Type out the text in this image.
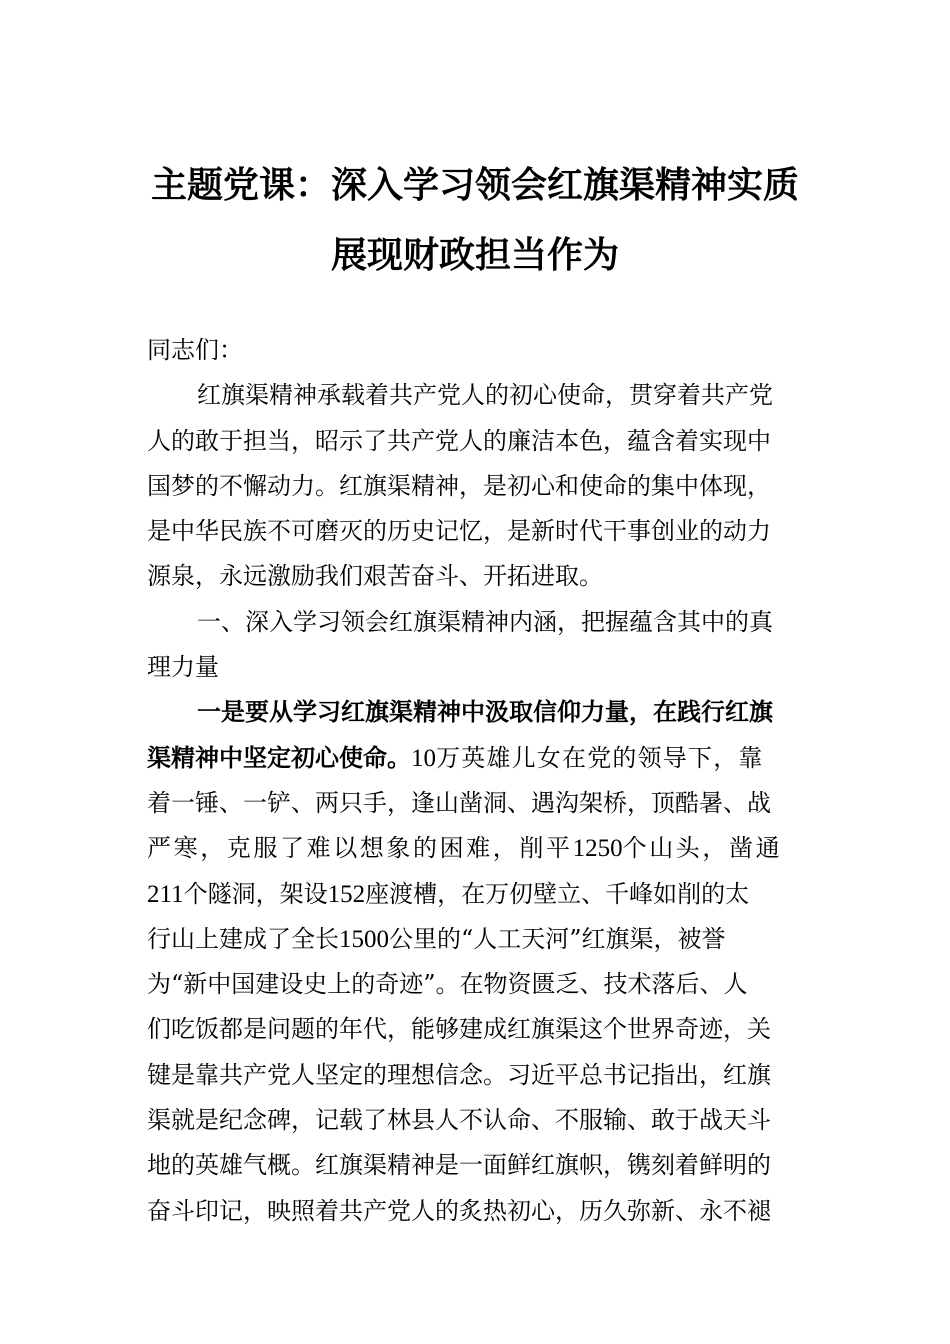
主题党课：深入学习领会红旗渠精神实质
展现财政担当作为
同志们：
红旗渠精神承载着共产党人的初心使命，贯穿着共产党
人的敢于担当，昭示了共产党人的廉洁本色，蕴含着实现中
国梦的不懈动力。红旗渠精神，是初心和使命的集中体现，
是中华民族不可磨灭的历史记忆，是新时代干事创业的动力
源泉，永远激励我们艰苦奋斗、开拓进取。
一、深入学习领会红旗渠精神内涵，把握蕴含其中的真
理力量
一是要从学习红旗渠精神中汲取信仰力量，在践行红旗
渠精神中坚定初心使命。10万英雄儿女在党的领导下，靠
着一锤、一铲、两只手，逢山凿洞、遇沟架桥，顶酷暑、战
严寒，克服了难以想象的困难，削平1250个山头，凿通
211个隧洞，架设152座渡槽，在万仞壁立、千峰如削的太
行山上建成了全长1500公里的“人工天河”红旗渠，被誉
为“新中国建设史上的奇迹”。在物资匮乏、技术落后、人
们吃饭都是问题的年代，能够建成红旗渠这个世界奇迹，关
键是靠共产党人坚定的理想信念。习近平总书记指出，红旗
渠就是纪念碑，记载了林县人不认命、不服输、敢于战天斗
地的英雄气概。红旗渠精神是一面鲜红旗帜，镌刻着鲜明的
奋斗印记，映照着共产党人的炙热初心，历久弥新、永不褪
